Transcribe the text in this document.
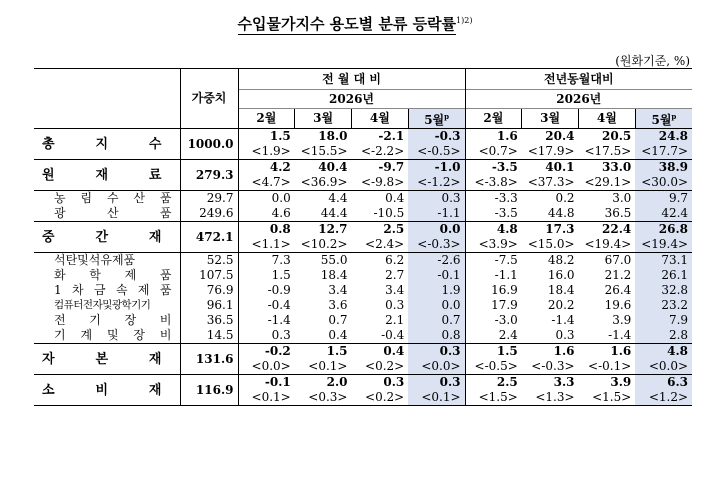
수입물가지수 용도별 분류 등락률$^{1)2)}$
(원화기준, %)
	가중치	전 월 대 비				전년동월대비			
		2026년				2026년			
		2월	3월	4월	5월$^p$	2월	3월	4월	5월$^p$
총 지 수	1000.0	1.5	18.0	-2.1	-0.3	1.6	20.4	20.5	24.8
		<1.9>	<15.5>	<-2.2>	<-0.5>	<0.7>	<17.9>	<17.5>	<17.7>
원 재 료	279.3	4.2	40.4	-9.7	-1.0	-3.5	40.1	33.0	38.9
		<4.7>	<36.9>	<-9.8>	<-1.2>	<-3.8>	<37.3>	<29.1>	<30.0>
농 림 수 산 품	29.7	0.0	4.4	0.4	0.3	-3.3	0.2	3.0	9.7
광 산 품	249.6	4.6	44.4	-10.5	-1.1	-3.5	44.8	36.5	42.4
중 간 재	472.1	0.8	12.7	2.5	0.0	4.8	17.3	22.4	26.8
		<1.1>	<10.2>	<2.4>	<-0.3>	<3.9>	<15.0>	<19.4>	<19.4>
석탄및석유제품	52.5	7.3	55.0	6.2	-2.6	-7.5	48.2	67.0	73.1
화 학 제 품	107.5	1.5	18.4	2.7	-0.1	-1.1	16.0	21.2	26.1
1 차 금 속 제 품	76.9	-0.9	3.4	3.4	1.9	16.9	18.4	26.4	32.8
컴퓨터전자및광학기기	96.1	-0.4	3.6	0.3	0.0	17.9	20.2	19.6	23.2
전 기 장 비	36.5	-1.4	0.7	2.1	0.7	-3.0	-1.4	3.9	7.9
기 계 및 장 비	14.5	0.3	0.4	-0.4	0.8	2.4	0.3	-1.4	2.8
자 본 재	131.6	-0.2	1.5	0.4	0.3	1.5	1.6	1.6	4.8
		<0.0>	<0.1>	<0.2>	<0.0>	<-0.5>	<-0.3>	<-0.1>	<0.0>
소 비 재	116.9	-0.1	2.0	0.3	0.3	2.5	3.3	3.9	6.3
		<0.1>	<0.3>	<0.2>	<0.1>	<1.5>	<1.3>	<1.5>	<1.2>
